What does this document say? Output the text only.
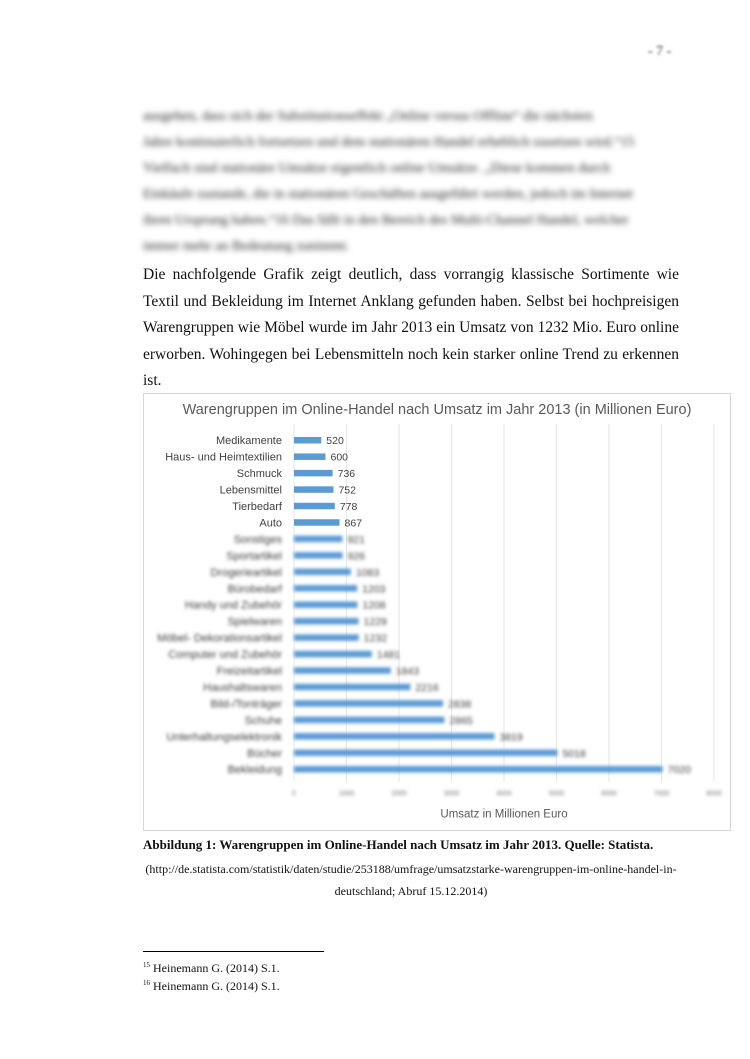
- 7 -
ausgehen, dass sich der Substitutionseffekt „Online versus Offline“ die nächsten
Jahre kontinuierlich fortsetzen und dem stationären Handel erheblich zusetzen wird.“15
Vielfach sind stationäre Umsätze eigentlich online Umsätze. „Diese kommen durch
Einkäufe zustande, die in stationären Geschäften ausgeführt werden, jedoch im Internet
ihren Ursprung haben.“16 Das fällt in den Bereich des Multi-Channel Handel, welcher
immer mehr an Bedeutung zunimmt.
Die nachfolgende Grafik zeigt deutlich, dass vorrangig klassische Sortimente wie Textil und Bekleidung im Internet Anklang gefunden haben. Selbst bei hochpreisigen Warengruppen wie Möbel wurde im Jahr 2013 ein Umsatz von 1232 Mio. Euro online erworben. Wohingegen bei Lebensmitteln noch kein starker online Trend zu erkennen ist.
Warengruppen im Online-Handel nach Umsatz im Jahr 2013 (in Millionen Euro)
Medikamente	520
Haus- und Heimtextilien	600
Schmuck	736
Lebensmittel	752
Tierbedarf	778
Auto	867
0	1000	2000	3000	4000	5000	6000	7000	8000
Sonstiges	921
Sportartikel	926
Drogerieartikel	1083
Bürobedarf	1203
Handy und Zubehör	1208
Spielwaren	1229
Möbel- Dekorationsartikel	1232
Computer und Zubehör	1481
Freizeitartikel	1843
Haushaltswaren	2216
Bild-/Tonträger	2838
Schuhe	2865
Unterhaltungselektronik	3819
Bücher	5018
Bekleidung	7020
Umsatz in Millionen Euro
Abbildung 1: Warengruppen im Online-Handel nach Umsatz im Jahr 2013. Quelle: Statista.
(http://de.statista.com/statistik/daten/studie/253188/umfrage/umsatzstarke-warengruppen-im-online-handel-in-deutschland; Abruf 15.12.2014)
$^{15}$ Heinemann G. (2014) S.1.
$^{16}$ Heinemann G. (2014) S.1.
